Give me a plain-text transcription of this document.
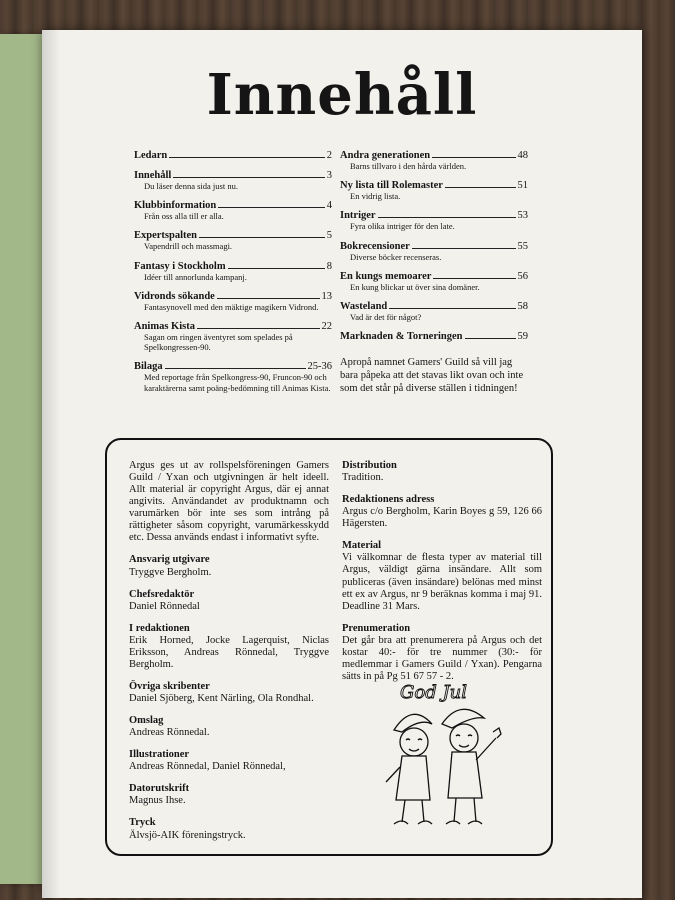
Innehåll
Ledarn	2
Innehåll	3
Du läser denna sida just nu.
Klubbinformation	4
Från oss alla till er alla.
Expertspalten	5
Vapendrill och massmagi.
Fantasy i Stockholm	8
Idéer till annorlunda kampanj.
Vidronds sökande	13
Fantasynovell med den mäktige magikern Vidrond.
Animas Kista	22
Sagan om ringen äventyret som spelades på Spelkongressen-90.
Bilaga	25-36
Med reportage från Spelkongress-90, Fruncon-90 och karaktärerna samt poäng-bedömning till Animas Kista.
Andra generationen	48
Barns tillvaro i den hårda världen.
Ny lista till Rolemaster	51
En vidrig lista.
Intriger	53
Fyra olika intriger för den late.
Bokrecensioner	55
Diverse böcker recenseras.
En kungs memoarer	56
En kung blickar ut över sina domäner.
Wasteland	58
Vad är det för något?
Marknaden & Torneringen	59
Apropå namnet Gamers' Guild så vill jag bara påpeka att det stavas likt ovan och inte som det står på diverse ställen i tidningen!
Argus ges ut av rollspelsföreningen Gamers Guild / Yxan och utgivningen är helt ideell. Allt material är copyright Argus, där ej annat angivits. Användandet av produktnamn och varumärken bör inte ses som intrång på rättigheter såsom copyright, varumärkesskydd etc. Dessa används endast i informativt syfte.
Ansvarig utgivare
Tryggve Bergholm.
Chefsredaktör
Daniel Rönnedal
I redaktionen
Erik Horned, Jocke Lagerquist, Niclas Eriksson, Andreas Rönnedal, Tryggve Bergholm.
Övriga skribenter
Daniel Sjöberg, Kent Närling, Ola Rondhal.
Omslag
Andreas Rönnedal.
Illustrationer
Andreas Rönnedal, Daniel Rönnedal,
Datorutskrift
Magnus Ihse.
Tryck
Älvsjö-AIK föreningstryck.
Distribution
Tradition.
Redaktionens adress
Argus c/o Bergholm, Karin Boyes g 59, 126 66 Hägersten.
Material
Vi välkomnar de flesta typer av material till Argus, väldigt gärna insändare. Allt som publiceras (även insändare) belönas med minst ett ex av Argus, nr 9 beräknas komma i maj 91. Deadline 31 Mars.
Prenumeration
Det går bra att prenumerera på Argus och det kostar 40:- för tre nummer (30:- för medlemmar i Gamers Guild / Yxan). Pengarna sätts in på Pg 51 67 57 - 2.
God Jul
